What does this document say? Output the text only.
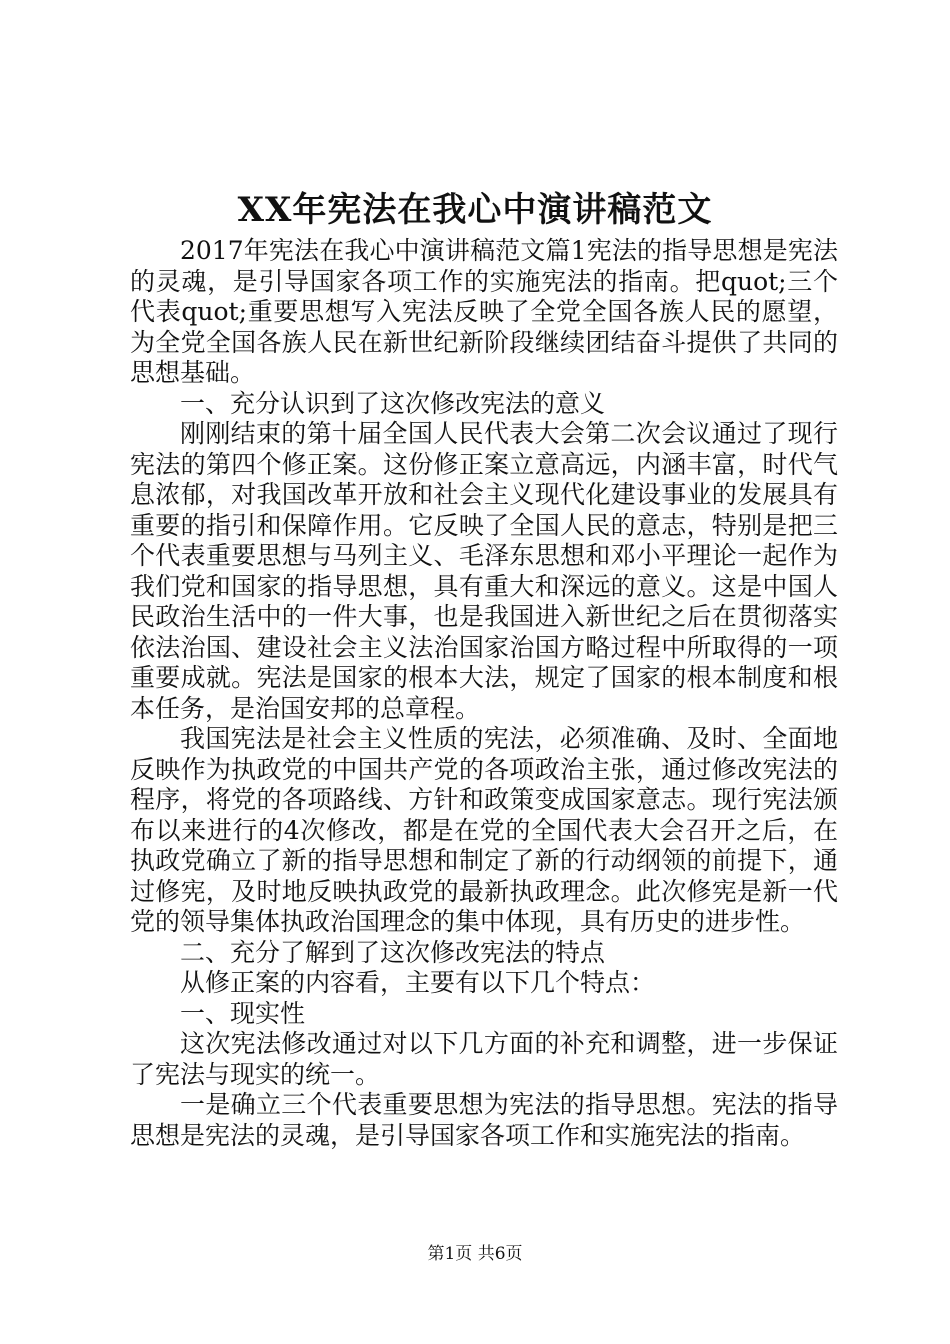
XX年宪法在我心中演讲稿范文

2017年宪法在我心中演讲稿范文篇1宪法的指导思想是宪法的灵魂，是引导国家各项工作的实施宪法的指南。把quot;三个代表quot;重要思想写入宪法反映了全党全国各族人民的愿望，为全党全国各族人民在新世纪新阶段继续团结奋斗提供了共同的思想基础。

一、充分认识到了这次修改宪法的意义

刚刚结束的第十届全国人民代表大会第二次会议通过了现行宪法的第四个修正案。这份修正案立意高远，内涵丰富，时代气息浓郁，对我国改革开放和社会主义现代化建设事业的发展具有重要的指引和保障作用。它反映了全国人民的意志，特别是把三个代表重要思想与马列主义、毛泽东思想和邓小平理论一起作为我们党和国家的指导思想，具有重大和深远的意义。这是中国人民政治生活中的一件大事，也是我国进入新世纪之后在贯彻落实依法治国、建设社会主义法治国家治国方略过程中所取得的一项重要成就。宪法是国家的根本大法，规定了国家的根本制度和根本任务，是治国安邦的总章程。

我国宪法是社会主义性质的宪法，必须准确、及时、全面地反映作为执政党的中国共产党的各项政治主张，通过修改宪法的程序，将党的各项路线、方针和政策变成国家意志。现行宪法颁布以来进行的4次修改，都是在党的全国代表大会召开之后，在执政党确立了新的指导思想和制定了新的行动纲领的前提下，通过修宪，及时地反映执政党的最新执政理念。此次修宪是新一代党的领导集体执政治国理念的集中体现，具有历史的进步性。

二、充分了解到了这次修改宪法的特点

从修正案的内容看，主要有以下几个特点：

一、现实性

这次宪法修改通过对以下几方面的补充和调整，进一步保证了宪法与现实的统一。

一是确立三个代表重要思想为宪法的指导思想。宪法的指导思想是宪法的灵魂，是引导国家各项工作和实施宪法的指南。

第1页 共6页
